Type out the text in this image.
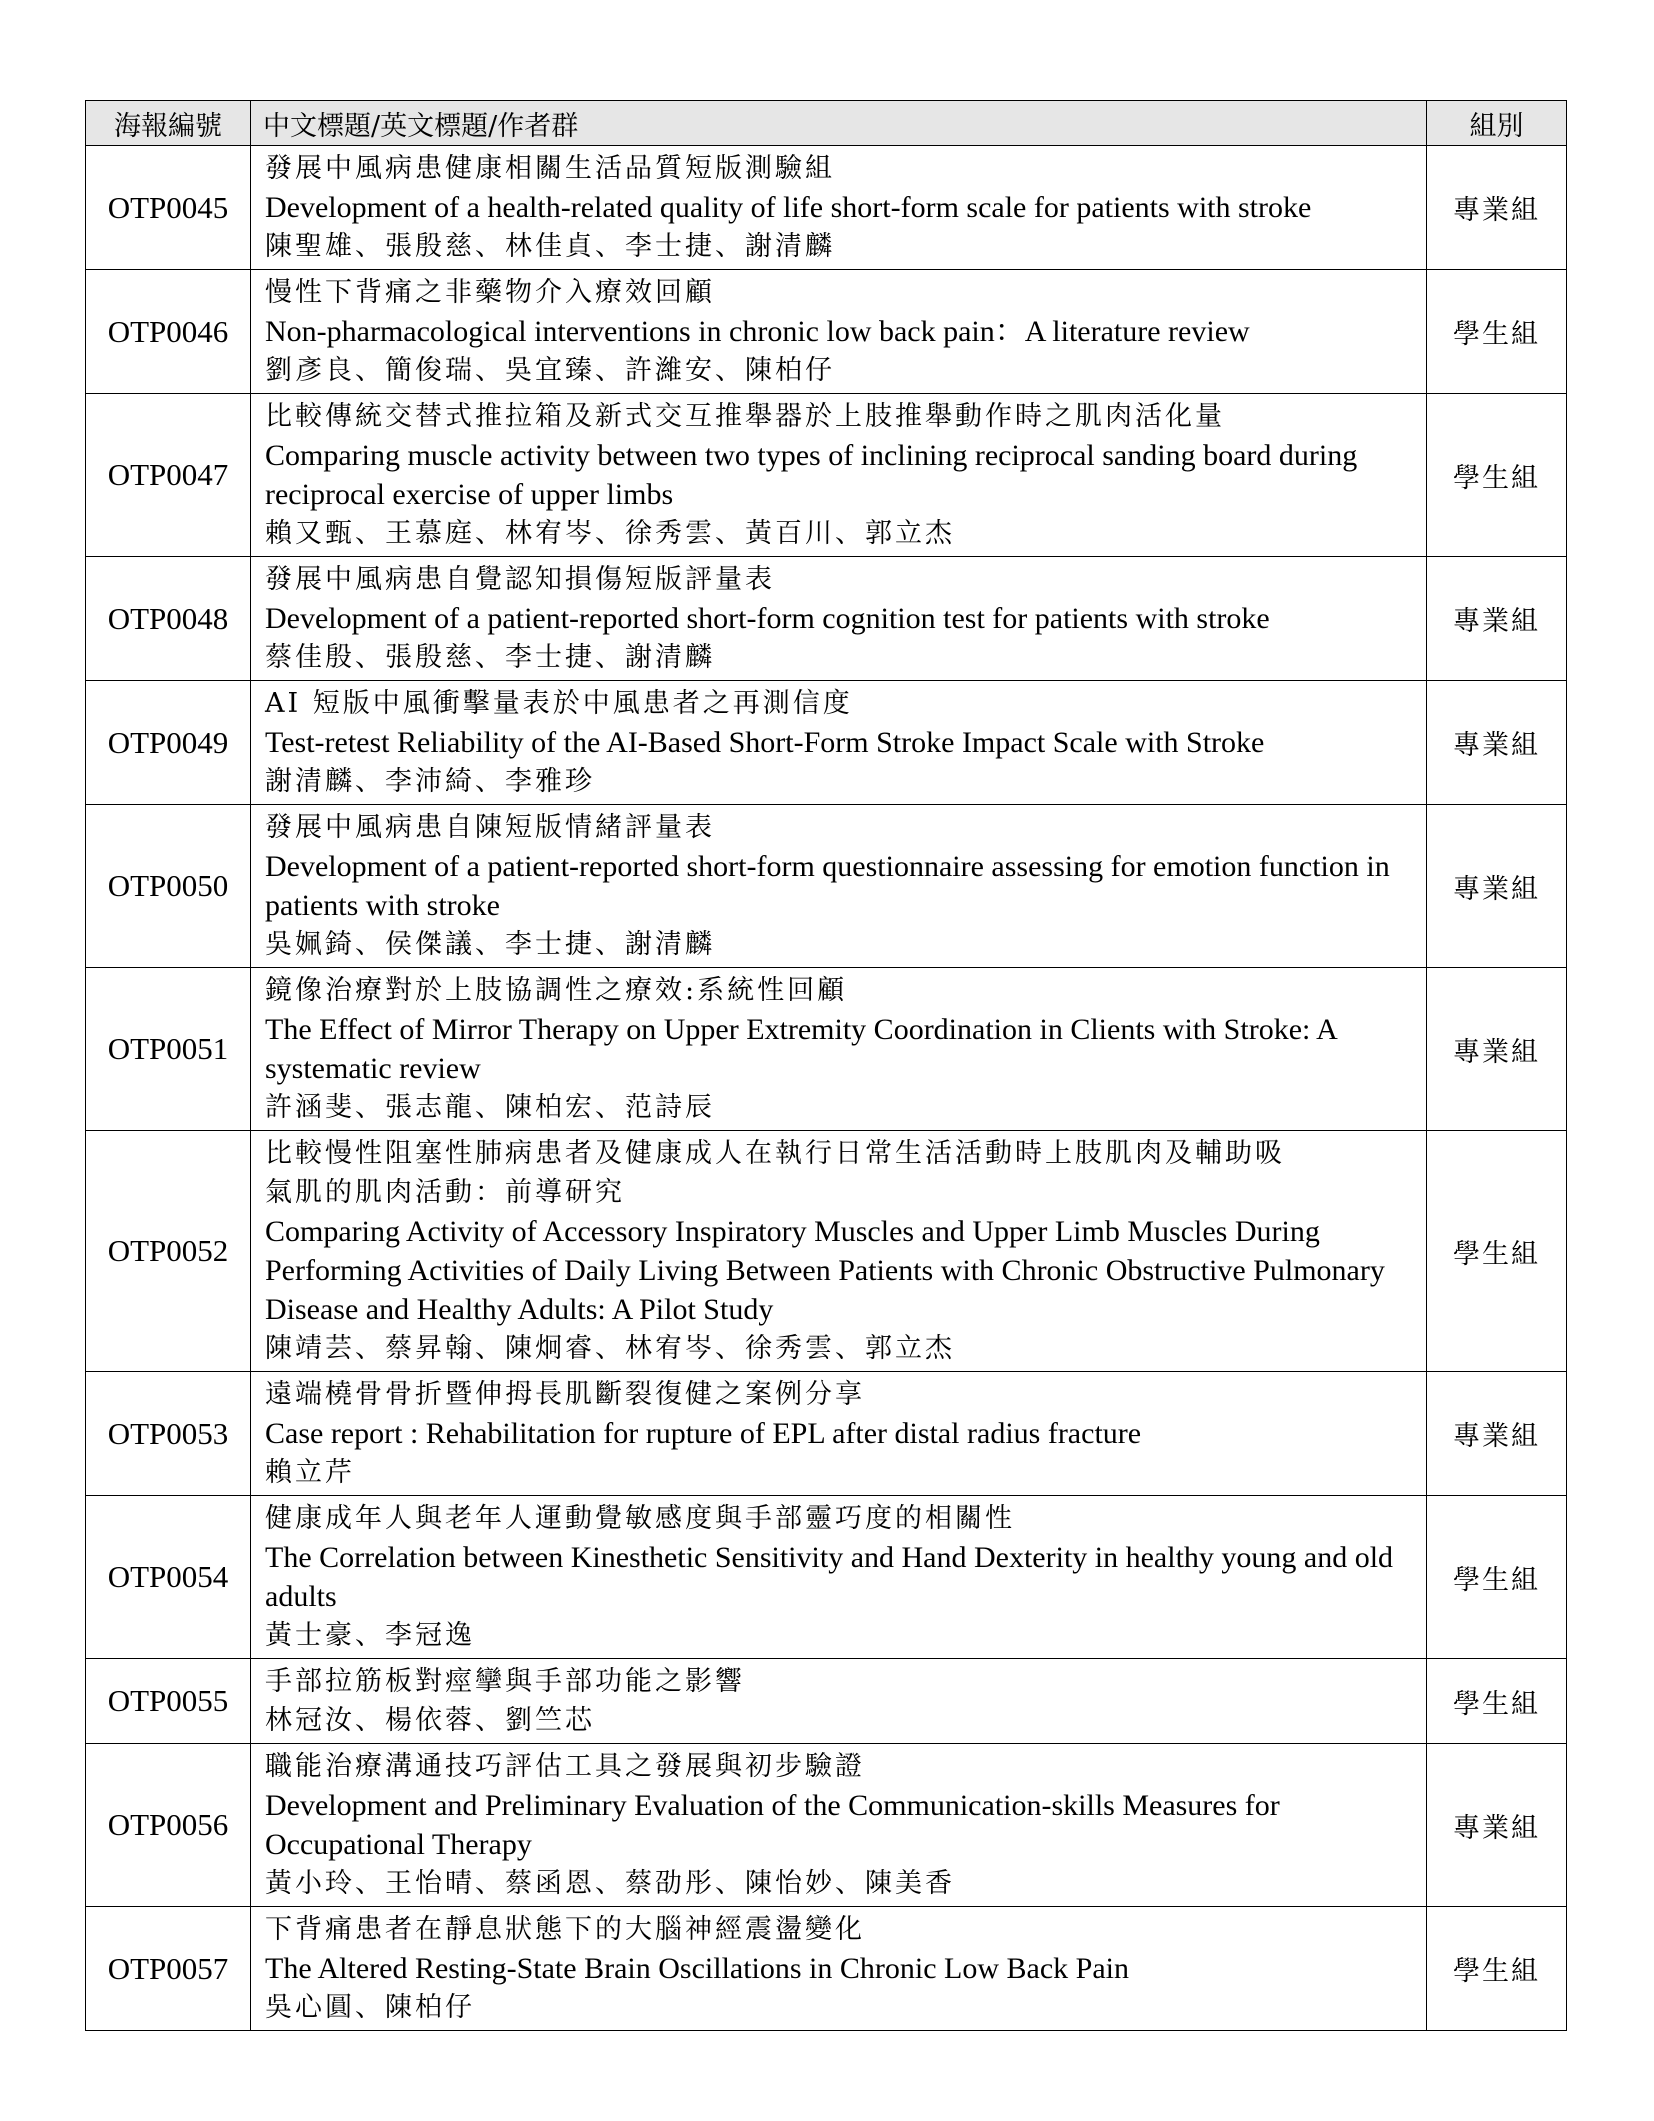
海報編號	中文標題/英文標題/作者群	組別
OTP0045	發展中風病患健康相關生活品質短版測驗組
Development of a health-related quality of life short-form scale for patients with stroke
陳聖雄、張殷慈、林佳貞、李士捷、謝清麟	專業組
OTP0046	慢性下背痛之非藥物介入療效回顧
Non-pharmacological interventions in chronic low back pain：A literature review
劉彥良、簡俊瑞、吳宜臻、許濰安、陳柏仔	學生組
OTP0047	比較傳統交替式推拉箱及新式交互推舉器於上肢推舉動作時之肌肉活化量
Comparing muscle activity between two types of inclining reciprocal sanding board during reciprocal exercise of upper limbs
賴又甄、王慕庭、林宥岑、徐秀雲、黃百川、郭立杰	學生組
OTP0048	發展中風病患自覺認知損傷短版評量表
Development of a patient-reported short-form cognition test for patients with stroke
蔡佳殷、張殷慈、李士捷、謝清麟	專業組
OTP0049	AI 短版中風衝擊量表於中風患者之再測信度
Test-retest Reliability of the AI-Based Short-Form Stroke Impact Scale with Stroke
謝清麟、李沛綺、李雅珍	專業組
OTP0050	發展中風病患自陳短版情緒評量表
Development of a patient-reported short-form questionnaire assessing for emotion function in patients with stroke
吳姵錡、侯傑議、李士捷、謝清麟	專業組
OTP0051	鏡像治療對於上肢協調性之療效:系統性回顧
The Effect of Mirror Therapy on Upper Extremity Coordination in Clients with Stroke: A systematic review
許涵斐、張志龍、陳柏宏、范詩辰	專業組
OTP0052	比較慢性阻塞性肺病患者及健康成人在執行日常生活活動時上肢肌肉及輔助吸
氣肌的肌肉活動：前導研究
Comparing Activity of Accessory Inspiratory Muscles and Upper Limb Muscles During Performing Activities of Daily Living Between Patients with Chronic Obstructive Pulmonary Disease and Healthy Adults: A Pilot Study
陳靖芸、蔡昇翰、陳炯睿、林宥岑、徐秀雲、郭立杰	學生組
OTP0053	遠端橈骨骨折暨伸拇長肌斷裂復健之案例分享
Case report : Rehabilitation for rupture of EPL after distal radius fracture
賴立芹	專業組
OTP0054	健康成年人與老年人運動覺敏感度與手部靈巧度的相關性
The Correlation between Kinesthetic Sensitivity and Hand Dexterity in healthy young and old adults
黃士豪、李冠逸	學生組
OTP0055	手部拉筋板對痙攣與手部功能之影響
林冠汝、楊依蓉、劉竺芯	學生組
OTP0056	職能治療溝通技巧評估工具之發展與初步驗證
Development and Preliminary Evaluation of the Communication-skills Measures for Occupational Therapy
黃小玲、王怡晴、蔡函恩、蔡劭彤、陳怡妙、陳美香	專業組
OTP0057	下背痛患者在靜息狀態下的大腦神經震盪變化
The Altered Resting-State Brain Oscillations in Chronic Low Back Pain
吳心圓、陳柏仔	學生組
